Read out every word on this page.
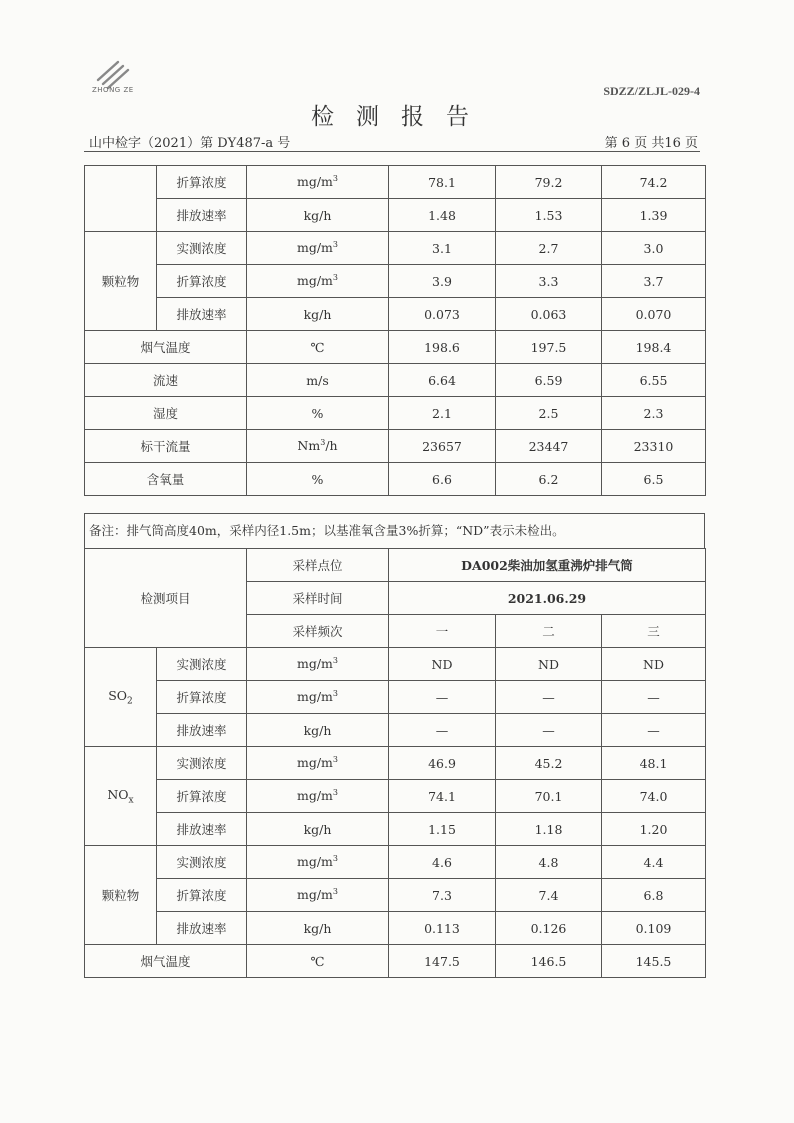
ZHONG ZE	SDZZ/ZLJL-029-4
检测报告
山中检字（2021）第 DY487-a 号	第 6 页 共16 页
	折算浓度	$mg/m^3$	78.1	79.2	74.2
	排放速率	kg/h	1.48	1.53	1.39
颗粒物	实测浓度	$mg/m^3$	3.1	2.7	3.0
	折算浓度	$mg/m^3$	3.9	3.3	3.7
	排放速率	kg/h	0.073	0.063	0.070
烟气温度		℃	198.6	197.5	198.4
流速		m/s	6.64	6.59	6.55
湿度		%	2.1	2.5	2.3
标干流量		Nm$^3$/h	23657	23447	23310
含氧量		%	6.6	6.2	6.5
备注：排气筒高度40m，采样内径1.5m；以基准氧含量3%折算；“ND”表示未检出。
检测项目		采样点位	DA002柴油加氢重沸炉排气筒		
		采样时间	2021.06.29		
		采样频次	一	二	三
$SO_2$	实测浓度	$mg/m^3$	ND	ND	ND
	折算浓度	$mg/m^3$	—	—	—
	排放速率	kg/h	—	—	—
$NO_x$	实测浓度	$mg/m^3$	46.9	45.2	48.1
	折算浓度	$mg/m^3$	74.1	70.1	74.0
	排放速率	kg/h	1.15	1.18	1.20
颗粒物	实测浓度	$mg/m^3$	4.6	4.8	4.4
	折算浓度	$mg/m^3$	7.3	7.4	6.8
	排放速率	kg/h	0.113	0.126	0.109
烟气温度		℃	147.5	146.5	145.5
